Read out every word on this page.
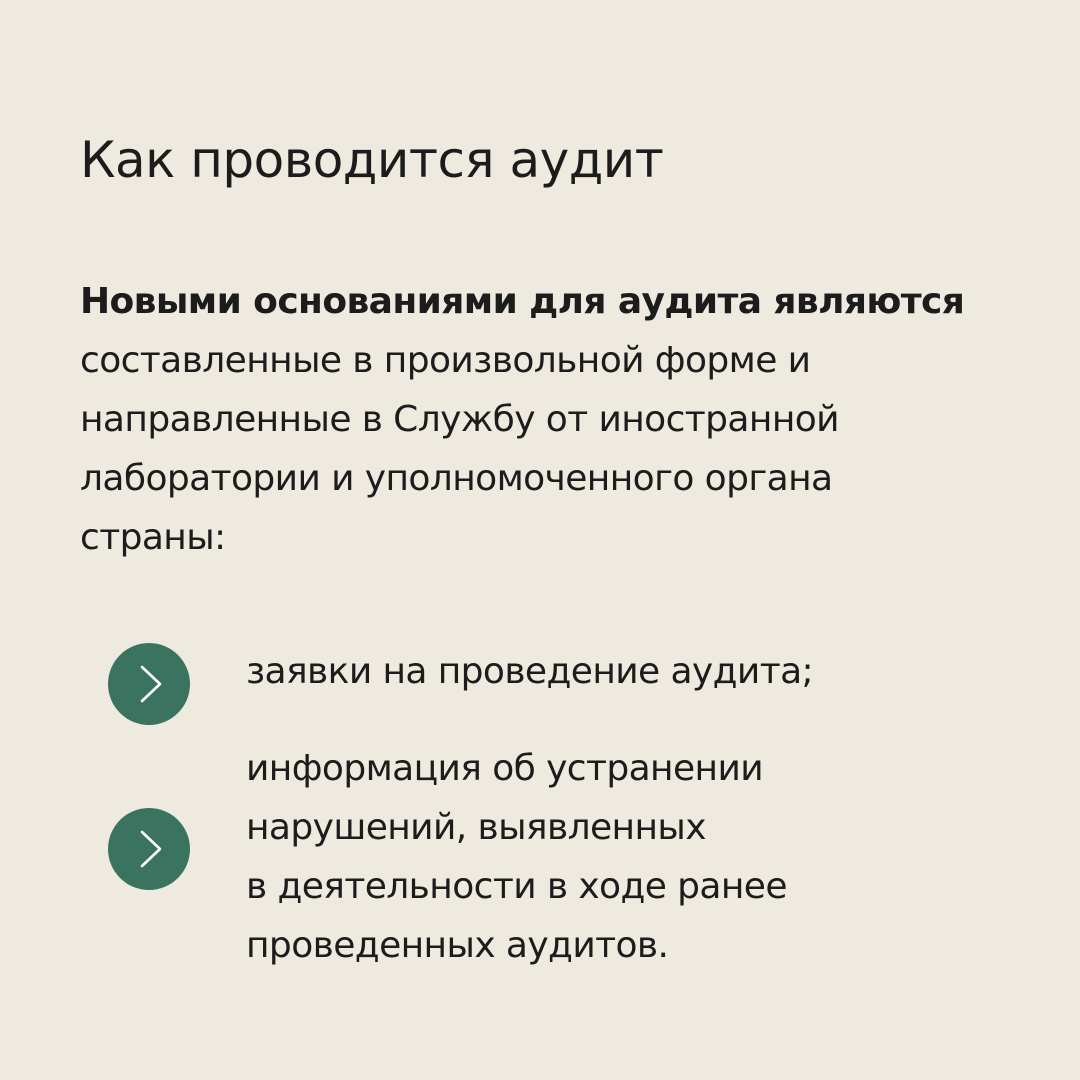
Как проводится аудит

Новыми основаниями для аудита являются
составленные в произвольной форме и
направленные в Службу от иностранной
лаборатории и уполномоченного органа
страны:

заявки на проведение аудита;
информация об устранении
нарушений, выявленных
в деятельности в ходе ранее
проведенных аудитов.
